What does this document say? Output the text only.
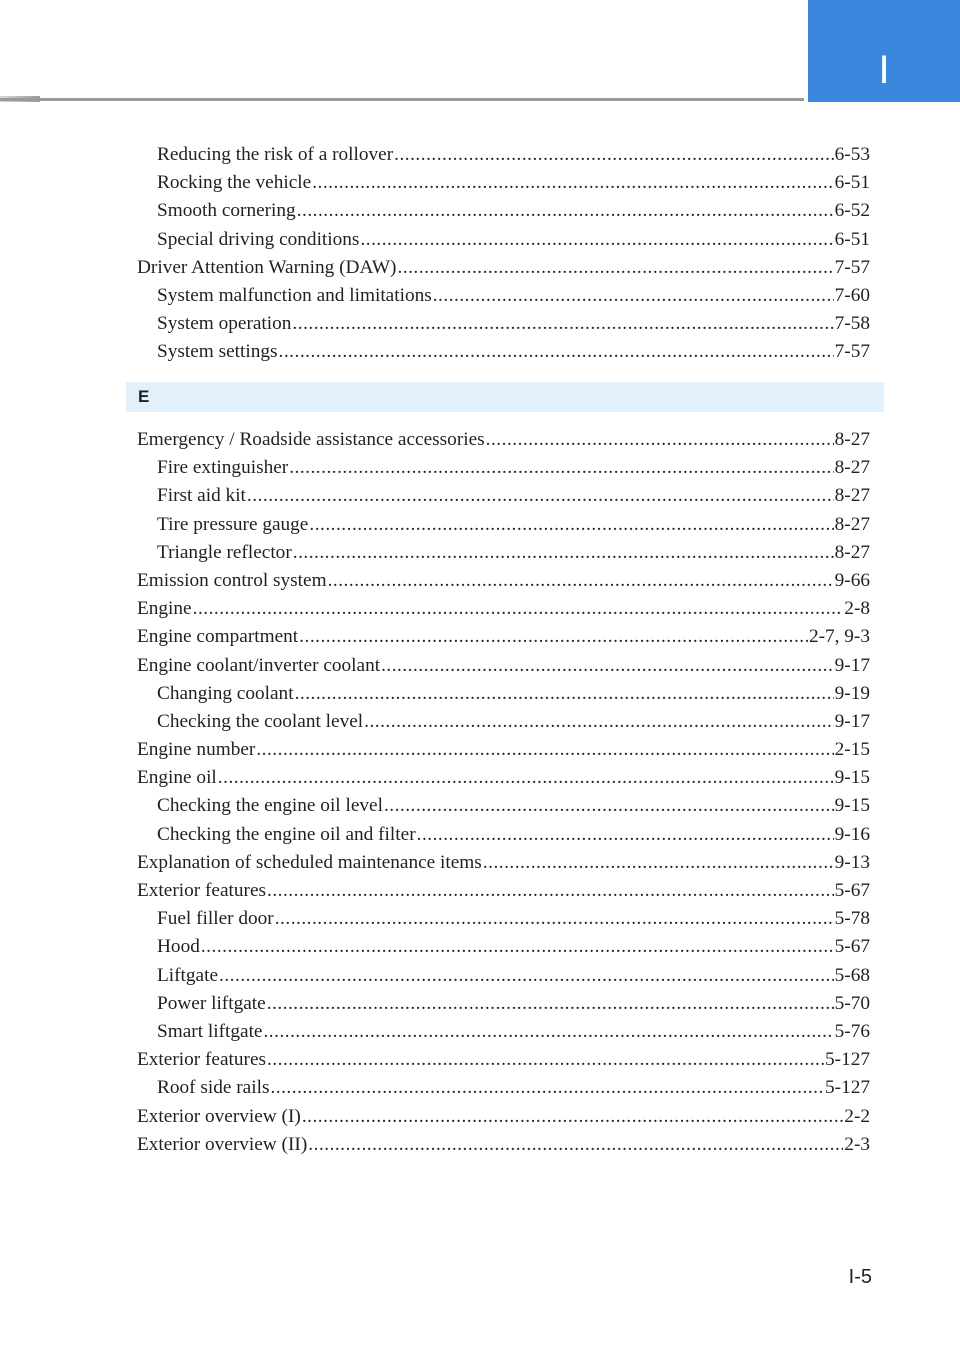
I
Reducing the risk of a rollover .....	6-53
Rocking the vehicle .....	6-51
Smooth cornering .....	6-52
Special driving conditions .....	6-51
Driver Attention Warning (DAW) .....	7-57
System malfunction and limitations .....	7-60
System operation .....	7-58
System settings .....	7-57
E
Emergency / Roadside assistance accessories .....	8-27
Fire extinguisher .....	8-27
First aid kit .....	8-27
Tire pressure gauge .....	8-27
Triangle reflector .....	8-27
Emission control system .....	9-66
Engine .....	2-8
Engine compartment .....	2-7, 9-3
Engine coolant/inverter coolant .....	9-17
Changing coolant .....	9-19
Checking the coolant level .....	9-17
Engine number .....	2-15
Engine oil .....	9-15
Checking the engine oil level .....	9-15
Checking the engine oil and filter .....	9-16
Explanation of scheduled maintenance items .....	9-13
Exterior features .....	5-67
Fuel filler door .....	5-78
Hood .....	5-67
Liftgate .....	5-68
Power liftgate .....	5-70
Smart liftgate .....	5-76
Exterior features .....	5-127
Roof side rails .....	5-127
Exterior overview (I) .....	2-2
Exterior overview (II) .....	2-3
I-5
